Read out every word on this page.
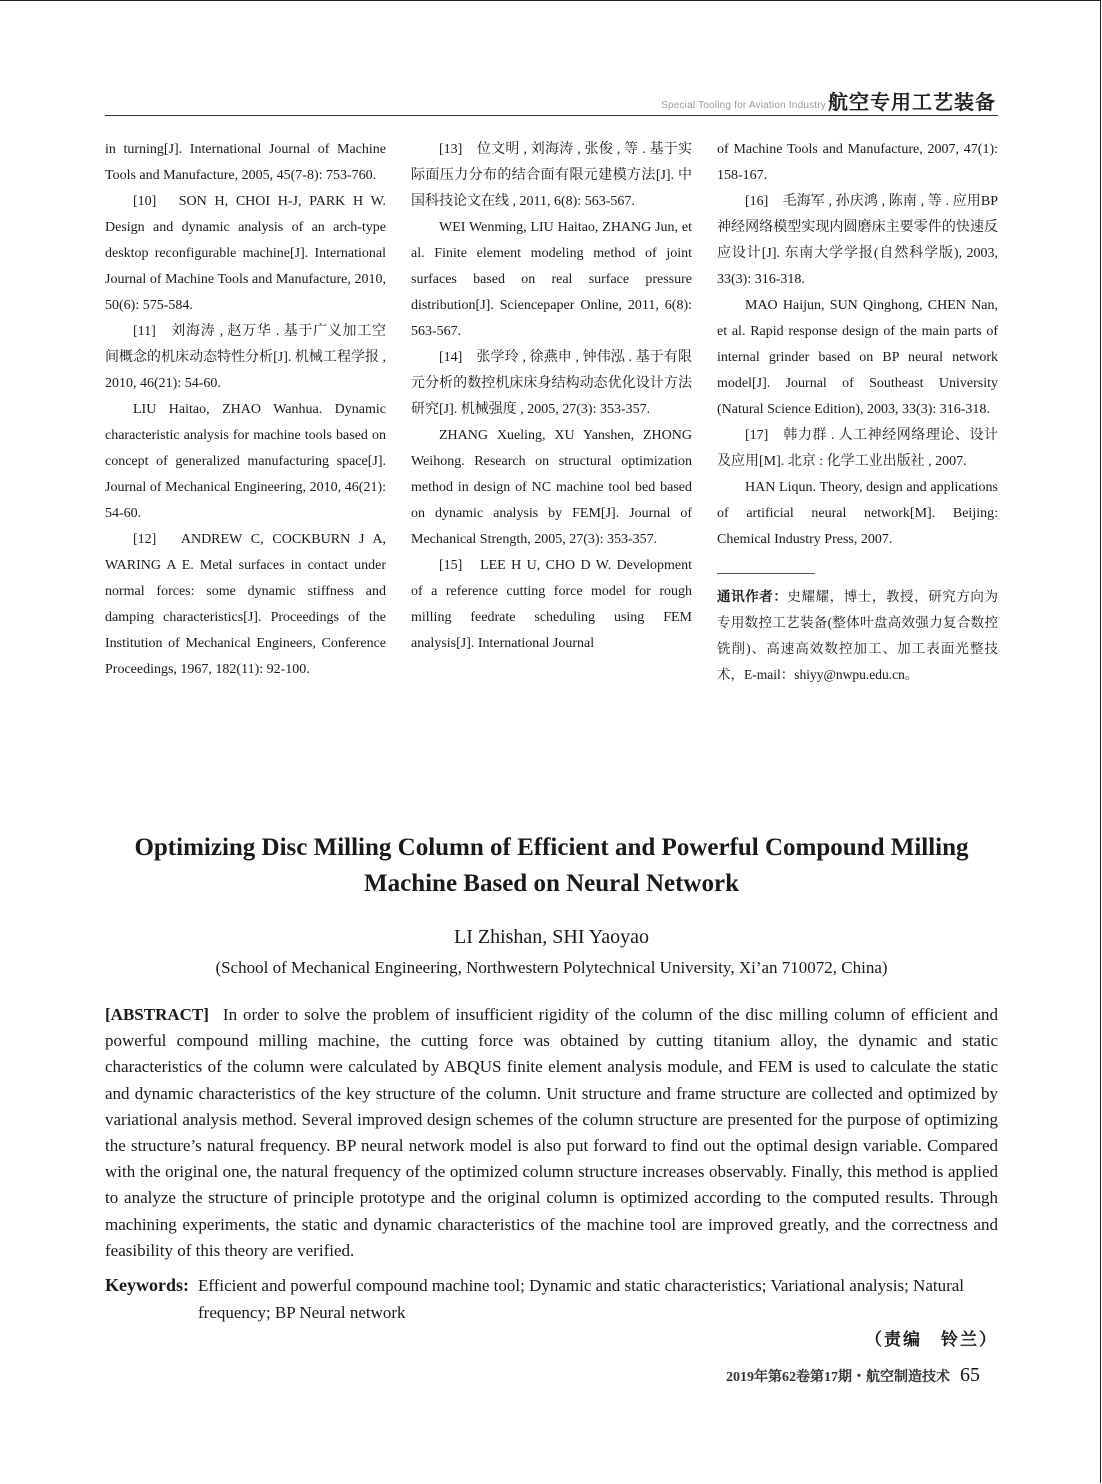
Special Tooling for Aviation Industry 航空专用工艺装备

in turning[J]. International Journal of Machine Tools and Manufacture, 2005, 45(7-8): 753-760.

[10]　SON H, CHOI H-J, PARK H W. Design and dynamic analysis of an arch-type desktop reconfigurable machine[J]. International Journal of Machine Tools and Manufacture, 2010, 50(6): 575-584.

[11]　刘海涛 , 赵万华 . 基于广义加工空间概念的机床动态特性分析[J]. 机械工程学报 , 2010, 46(21): 54-60.

LIU Haitao, ZHAO Wanhua. Dynamic characteristic analysis for machine tools based on concept of generalized manufacturing space[J]. Journal of Mechanical Engineering, 2010, 46(21): 54-60.

[12]　ANDREW C, COCKBURN J A, WARING A E. Metal surfaces in contact under normal forces: some dynamic stiffness and damping characteristics[J]. Proceedings of the Institution of Mechanical Engineers, Conference Proceedings, 1967, 182(11): 92-100.

[13]　位文明 , 刘海涛 , 张俊 , 等 . 基于实际面压力分布的结合面有限元建模方法[J]. 中国科技论文在线 , 2011, 6(8): 563-567.

WEI Wenming, LIU Haitao, ZHANG Jun, et al. Finite element modeling method of joint surfaces based on real surface pressure distribution[J]. Sciencepaper Online, 2011, 6(8): 563-567.

[14]　张学玲 , 徐燕申 , 钟伟泓 . 基于有限元分析的数控机床床身结构动态优化设计方法研究[J]. 机械强度 , 2005, 27(3): 353-357.

ZHANG Xueling, XU Yanshen, ZHONG Weihong. Research on structural optimization method in design of NC machine tool bed based on dynamic analysis by FEM[J]. Journal of Mechanical Strength, 2005, 27(3): 353-357.

[15]　LEE H U, CHO D W. Development of a reference cutting force model for rough milling feedrate scheduling using FEM analysis[J]. International Journal

of Machine Tools and Manufacture, 2007, 47(1): 158-167.

[16]　毛海军 , 孙庆鸿 , 陈南 , 等 . 应用BP神经网络模型实现内圆磨床主要零件的快速反应设计[J]. 东南大学学报(自然科学版), 2003, 33(3): 316-318.

MAO Haijun, SUN Qinghong, CHEN Nan, et al. Rapid response design of the main parts of internal grinder based on BP neural network model[J]. Journal of Southeast University (Natural Science Edition), 2003, 33(3): 316-318.

[17]　韩力群 . 人工神经网络理论、设计及应用[M]. 北京 : 化学工业出版社 , 2007.

HAN Liqun. Theory, design and applications of artificial neural network[M]. Beijing: Chemical Industry Press, 2007.

通讯作者：史耀耀，博士，教授，研究方向为专用数控工艺装备(整体叶盘高效强力复合数控铣削)、高速高效数控加工、加工表面光整技术，E-mail：shiyy@nwpu.edu.cn。

Optimizing Disc Milling Column of Efficient and Powerful Compound Milling Machine Based on Neural Network
LI Zhishan, SHI Yaoyao
(School of Mechanical Engineering, Northwestern Polytechnical University, Xi’an 710072, China)
[ABSTRACT] In order to solve the problem of insufficient rigidity of the column of the disc milling column of efficient and powerful compound milling machine, the cutting force was obtained by cutting titanium alloy, the dynamic and static characteristics of the column were calculated by ABQUS finite element analysis module, and FEM is used to calculate the static and dynamic characteristics of the key structure of the column. Unit structure and frame structure are collected and optimized by variational analysis method. Several improved design schemes of the column structure are presented for the purpose of optimizing the structure’s natural frequency. BP neural network model is also put forward to find out the optimal design variable. Compared with the original one, the natural frequency of the optimized column structure increases observably. Finally, this method is applied to analyze the structure of principle prototype and the original column is optimized according to the computed results. Through machining experiments, the static and dynamic characteristics of the machine tool are improved greatly, and the correctness and feasibility of this theory are verified.
Keywords: Efficient and powerful compound machine tool; Dynamic and static characteristics; Variational analysis; Natural frequency; BP Neural network
（责编　铃兰）
2019年第62卷第17期・航空制造技术 65
